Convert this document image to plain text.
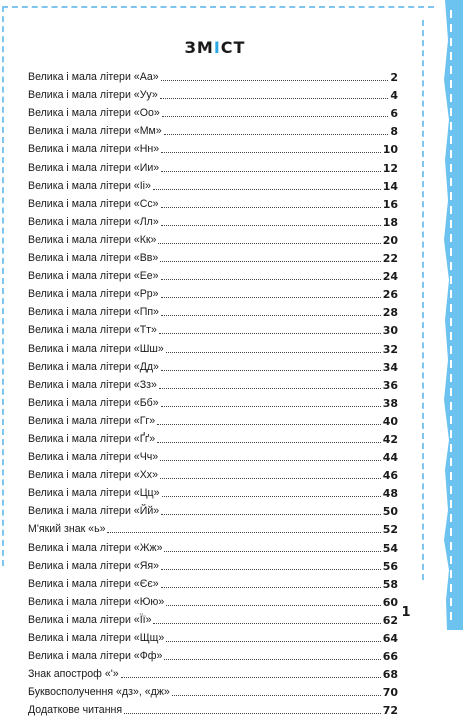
ЗМІСТ
Велика і мала літери «Аа»	2
Велика і мала літери «Уу»	4
Велика і мала літери «Оо»	6
Велика і мала літери «Мм»	8
Велика і мала літери «Нн»	10
Велика і мала літери «Ии»	12
Велика і мала літери «Іі»	14
Велика і мала літери «Сс»	16
Велика і мала літери «Лл»	18
Велика і мала літери «Кк»	20
Велика і мала літери «Вв»	22
Велика і мала літери «Ее»	24
Велика і мала літери «Рр»	26
Велика і мала літери «Пп»	28
Велика і мала літери «Тт»	30
Велика і мала літери «Шш»	32
Велика і мала літери «Дд»	34
Велика і мала літери «Зз»	36
Велика і мала літери «Бб»	38
Велика і мала літери «Гг»	40
Велика і мала літери «Ґґ»	42
Велика і мала літери «Чч»	44
Велика і мала літери «Хх»	46
Велика і мала літери «Цц»	48
Велика і мала літери «Йй»	50
М'який знак «ь»	52
Велика і мала літери «Жж»	54
Велика і мала літери «Яя»	56
Велика і мала літери «Єє»	58
Велика і мала літери «Юю»	60
Велика і мала літери «Її»	62
Велика і мала літери «Щщ»	64
Велика і мала літери «Фф»	66
Знак апостроф «'»	68
Буквосполучення «дз», «дж»	70
Додаткове читання	72
1
